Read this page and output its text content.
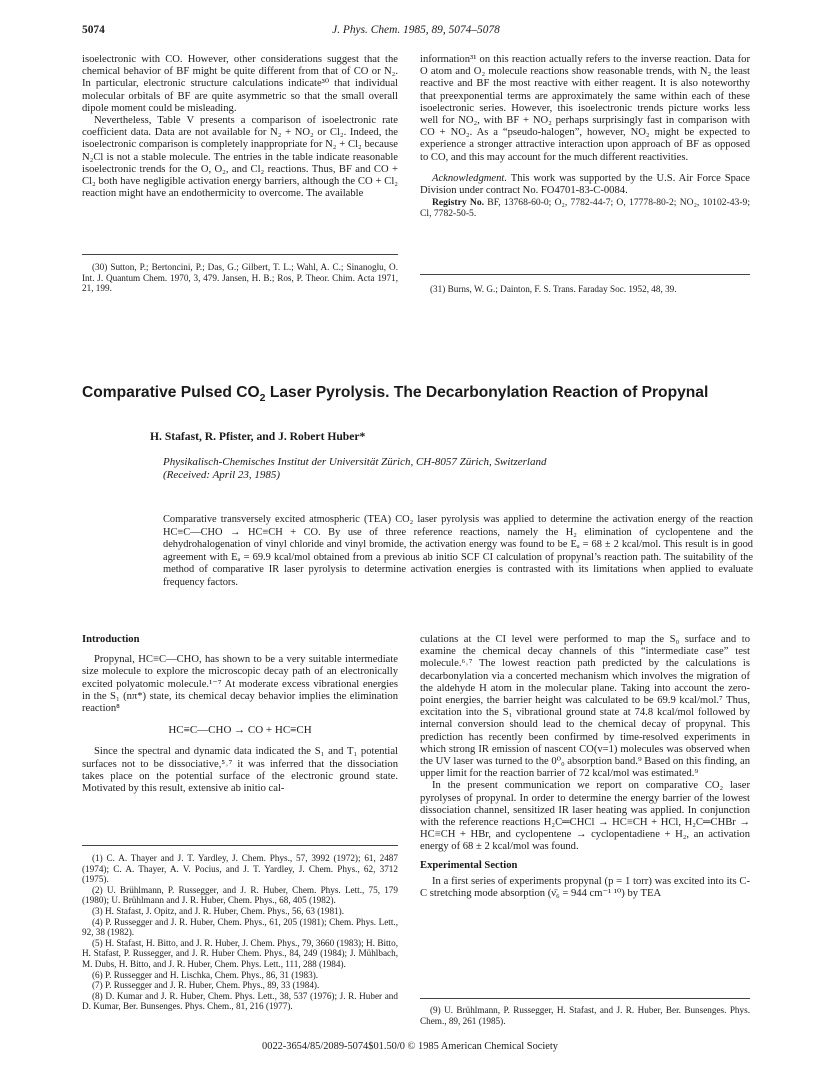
5074	J. Phys. Chem. 1985, 89, 5074–5078

isoelectronic with CO. However, other considerations suggest that the chemical behavior of BF might be quite different from that of CO or N₂. In particular, electronic structure calculations indicate³⁰ that individual molecular orbitals of BF are quite asymmetric so that the small overall dipole moment could be misleading.

Nevertheless, Table V presents a comparison of isoelectronic rate coefficient data. Data are not available for N₂ + NO₂ or Cl₂. Indeed, the isoelectronic comparison is completely inappropriate for N₂ + Cl₂ because N₂Cl is not a stable molecule. The entries in the table indicate reasonable isoelectronic trends for the O, O₂, and Cl₂ reactions. Thus, BF and CO + Cl₂ both have negligible activation energy barriers, although the CO + Cl₂ reaction might have an endothermicity to overcome. The available

(30) Sutton, P.; Bertoncini, P.; Das, G.; Gilbert, T. L.; Wahl, A. C.; Sinanoglu, O. Int. J. Quantum Chem. 1970, 3, 479. Jansen, H. B.; Ros, P. Theor. Chim. Acta 1971, 21, 199.

information³¹ on this reaction actually refers to the inverse reaction. Data for O atom and O₂ molecule reactions show reasonable trends, with N₂ the least reactive and BF the most reactive with either reagent. It is also noteworthy that preexponential terms are approximately the same within each of these isoelectronic series. However, this isoelectronic trends picture works less well for NO₂, with BF + NO₂ perhaps surprisingly fast in comparison with CO + NO₂. As a “pseudo-halogen”, however, NO₂ might be expected to experience a stronger attractive interaction upon approach of BF as opposed to CO, and this may account for the much different reactivities.

Acknowledgment. This work was supported by the U.S. Air Force Space Division under contract No. FO4701-83-C-0084.

Registry No. BF, 13768-60-0; O₂, 7782-44-7; O, 17778-80-2; NO₂, 10102-43-9; Cl, 7782-50-5.

(31) Burns, W. G.; Dainton, F. S. Trans. Faraday Soc. 1952, 48, 39.

Comparative Pulsed $CO_2$ Laser Pyrolysis. The Decarbonylation Reaction of Propynal
H. Stafast, R. Pfister, and J. Robert Huber*
Physikalisch-Chemisches Institut der Universität Zürich, CH-8057 Zürich, Switzerland
(Received: April 23, 1985)
Comparative transversely excited atmospheric (TEA) CO₂ laser pyrolysis was applied to determine the activation energy of the reaction HC≡C—CHO → HC≡CH + CO. By use of three reference reactions, namely the H₂ elimination of cyclopentene and the dehydrohalogenation of vinyl chloride and vinyl bromide, the activation energy was found to be Eₐ = 68 ± 2 kcal/mol. This result is in good agreement with Eₐ = 69.9 kcal/mol obtained from a previous ab initio SCF CI calculation of propynal’s reaction path. The suitability of the method of comparative IR laser pyrolysis to determine activation energies is contrasted with its limitations when applied to evaluate frequency factors.
Introduction

Propynal, HC≡C—CHO, has shown to be a very suitable intermediate size molecule to explore the microscopic decay path of an electronically excited polyatomic molecule.¹⁻⁷ At moderate excess vibrational energies in the S₁ (nπ*) state, its chemical decay behavior implies the elimination reaction⁸

HC≡C—CHO → CO + HC≡CH

Since the spectral and dynamic data indicated the S₁ and T₁ potential surfaces not to be dissociative,⁵˒⁷ it was inferred that the dissociation takes place on the potential surface of the electronic ground state. Motivated by this result, extensive ab initio cal-

(1) C. A. Thayer and J. T. Yardley, J. Chem. Phys., 57, 3992 (1972); 61, 2487 (1974); C. A. Thayer, A. V. Pocius, and J. T. Yardley, J. Chem. Phys., 62, 3712 (1975).

(2) U. Brühlmann, P. Russegger, and J. R. Huber, Chem. Phys. Lett., 75, 179 (1980); U. Brühlmann and J. R. Huber, Chem. Phys., 68, 405 (1982).

(3) H. Stafast, J. Opitz, and J. R. Huber, Chem. Phys., 56, 63 (1981).

(4) P. Russegger and J. R. Huber, Chem. Phys., 61, 205 (1981); Chem. Phys. Lett., 92, 38 (1982).

(5) H. Stafast, H. Bitto, and J. R. Huber, J. Chem. Phys., 79, 3660 (1983); H. Bitto, H. Stafast, P. Russegger, and J. R. Huber Chem. Phys., 84, 249 (1984); J. Mühlbach, M. Dubs, H. Bitto, and J. R. Huber, Chem. Phys. Lett., 111, 288 (1984).

(6) P. Russegger and H. Lischka, Chem. Phys., 86, 31 (1983).

(7) P. Russegger and J. R. Huber, Chem. Phys., 89, 33 (1984).

(8) D. Kumar and J. R. Huber, Chem. Phys. Lett., 38, 537 (1976); J. R. Huber and D. Kumar, Ber. Bunsenges. Phys. Chem., 81, 216 (1977).

culations at the CI level were performed to map the S₀ surface and to examine the chemical decay channels of this “intermediate case” test molecule.⁶˒⁷ The lowest reaction path predicted by the calculations is decarbonylation via a concerted mechanism which involves the migration of the aldehyde H atom in the molecular plane. Taking into account the zero-point energies, the barrier height was calculated to be 69.9 kcal/mol.⁷ Thus, excitation into the S₁ vibrational ground state at 74.8 kcal/mol followed by internal conversion should lead to the chemical decay of propynal. This prediction has recently been confirmed by time-resolved experiments in which strong IR emission of nascent CO(v=1) molecules was observed when the UV laser was turned to the 0⁰₀ absorption band.⁹ Based on this finding, an upper limit for the reaction barrier of 72 kcal/mol was estimated.⁹

In the present communication we report on comparative CO₂ laser pyrolyses of propynal. In order to determine the energy barrier of the lowest dissociation channel, sensitized IR laser heating was applied. In conjunction with the reference reactions H₂C═CHCl → HC≡CH + HCl, H₂C═CHBr → HC≡CH + HBr, and cyclopentene → cyclopentadiene + H₂, an activation energy of 68 ± 2 kcal/mol was found.

Experimental Section

In a first series of experiments propynal (p = 1 torr) was excited into its C-C stretching mode absorption (ν̄₆ = 944 cm⁻¹ ¹⁰) by TEA

(9) U. Brühlmann, P. Russegger, H. Stafast, and J. R. Huber, Ber. Bunsenges. Phys. Chem., 89, 261 (1985).

0022-3654/85/2089-5074$01.50/0 © 1985 American Chemical Society
